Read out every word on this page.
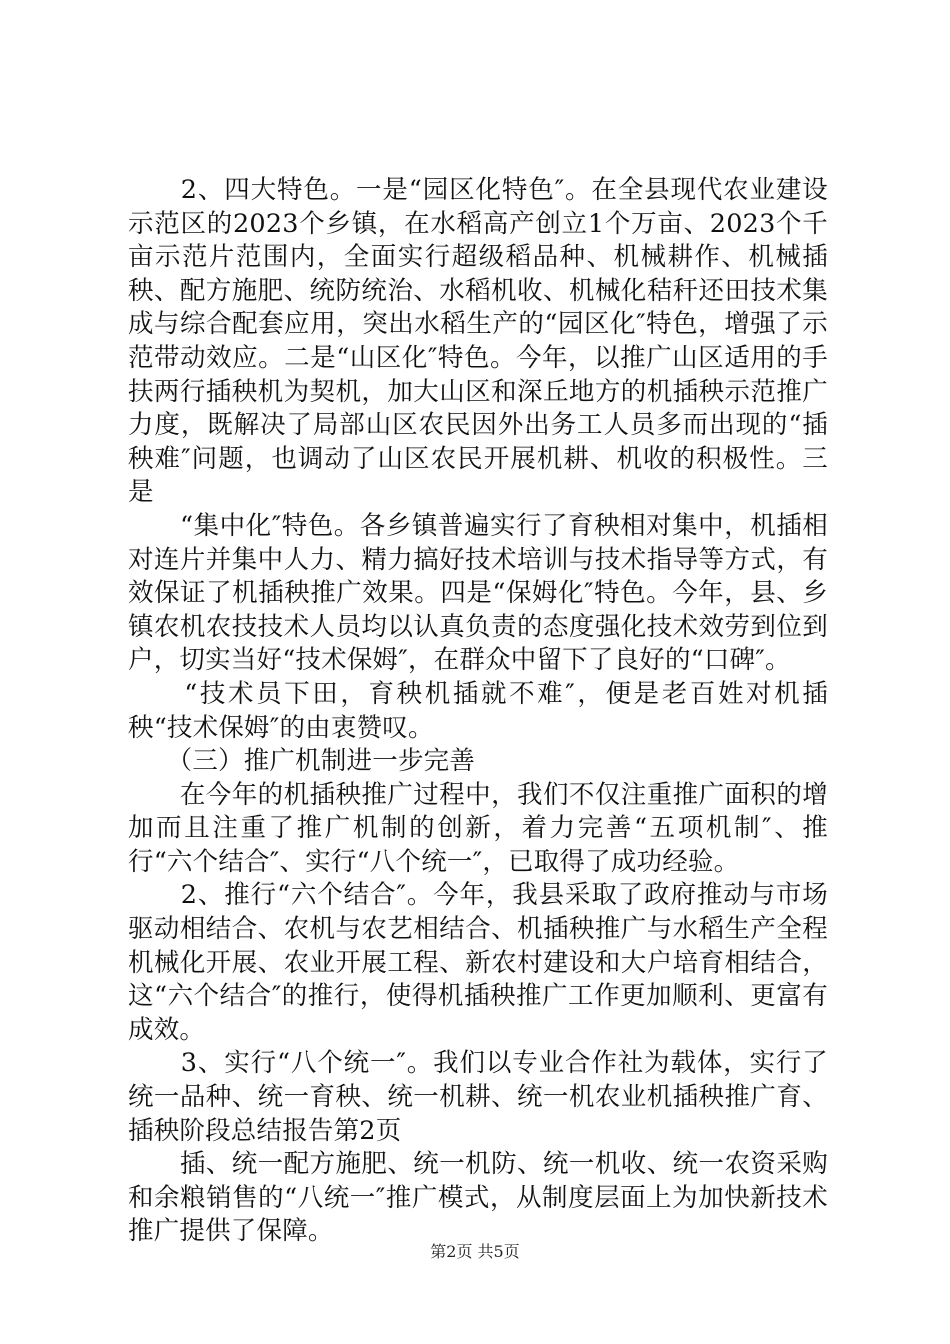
　　2、四大特色。一是“园区化特色″。在全县现代农业建设示范区的2023个乡镇，在水稻高产创立1个万亩、2023个千亩示范片范围内，全面实行超级稻品种、机械耕作、机械插秧、配方施肥、统防统治、水稻机收、机械化秸秆还田技术集成与综合配套应用，突出水稻生产的“园区化″特色，增强了示范带动效应。二是“山区化″特色。今年，以推广山区适用的手扶两行插秧机为契机，加大山区和深丘地方的机插秧示范推广力度，既解决了局部山区农民因外出务工人员多而出现的“插秧难″问题，也调动了山区农民开展机耕、机收的积极性。三是

　　“集中化″特色。各乡镇普遍实行了育秧相对集中，机插相对连片并集中人力、精力搞好技术培训与技术指导等方式，有效保证了机插秧推广效果。四是“保姆化″特色。今年，县、乡镇农机农技技术人员均以认真负责的态度强化技术效劳到位到户，切实当好“技术保姆″，在群众中留下了良好的“口碑″。

　　“技术员下田，育秧机插就不难″，便是老百姓对机插秧“技术保姆″的由衷赞叹。

　　（三）推广机制进一步完善

　　在今年的机插秧推广过程中，我们不仅注重推广面积的增加而且注重了推广机制的创新，着力完善“五项机制″、推行“六个结合″、实行“八个统一″，已取得了成功经验。

　　2、推行“六个结合″。今年，我县采取了政府推动与市场驱动相结合、农机与农艺相结合、机插秧推广与水稻生产全程机械化开展、农业开展工程、新农村建设和大户培育相结合，这“六个结合″的推行，使得机插秧推广工作更加顺利、更富有成效。

　　3、实行“八个统一″。我们以专业合作社为载体，实行了统一品种、统一育秧、统一机耕、统一机农业机插秧推广育、插秧阶段总结报告第2页

　　插、统一配方施肥、统一机防、统一机收、统一农资采购和余粮销售的“八统一″推广模式，从制度层面上为加快新技术推广提供了保障。

第2页 共5页
